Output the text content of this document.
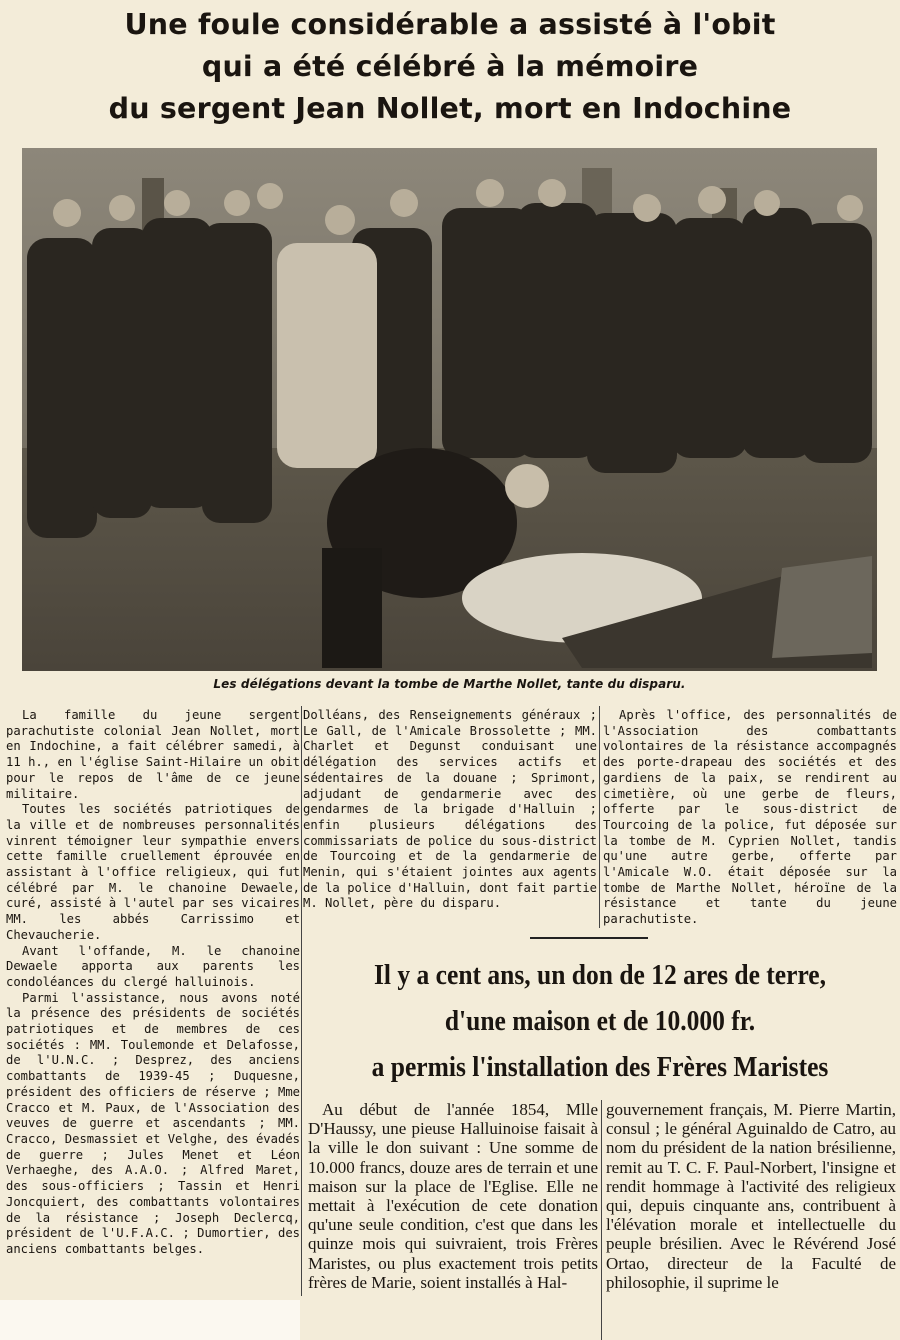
Une foule considérable a assisté à l'obit
qui a été célébré à la mémoire
du sergent Jean Nollet, mort en Indochine
Les délégations devant la tombe de Marthe Nollet, tante du disparu.

La famille du jeune sergent parachutiste colonial Jean Nollet, mort en Indochine, a fait célébrer samedi, à 11 h., en l'église Saint-Hilaire un obit pour le repos de l'âme de ce jeune militaire.

Toutes les sociétés patriotiques de la ville et de nombreuses personnalités vinrent témoigner leur sympathie envers cette famille cruellement éprouvée en assistant à l'office religieux, qui fut célébré par M. le chanoine Dewaele, curé, assisté à l'autel par ses vicaires MM. les abbés Carrissimo et Chevaucherie.

Avant l'offande, M. le chanoine Dewaele apporta aux parents les condoléances du clergé halluinois.

Parmi l'assistance, nous avons noté la présence des présidents de sociétés patriotiques et de membres de ces sociétés : MM. Toulemonde et Delafosse, de l'U.N.C. ; Desprez, des anciens combattants de 1939-45 ; Duquesne, président des officiers de réserve ; Mme Cracco et M. Paux, de l'Association des veuves de guerre et ascendants ; MM. Cracco, Desmassiet et Velghe, des évadés de guerre ; Jules Menet et Léon Verhaeghe, des A.A.O. ; Alfred Maret, des sous-officiers ; Tassin et Henri Joncquiert, des combattants volontaires de la résistance ; Joseph Declercq, président de l'U.F.A.C. ; Dumortier, des anciens combattants belges.

Dolléans, des Renseignements généraux ; Le Gall, de l'Amicale Brossolette ; MM. Charlet et Degunst conduisant une délégation des services actifs et sédentaires de la douane ; Sprimont, adjudant de gendarmerie avec des gendarmes de la brigade d'Halluin ; enfin plusieurs délégations des commissariats de police du sous-district de Tourcoing et de la gendarmerie de Menin, qui s'étaient jointes aux agents de la police d'Halluin, dont fait partie M. Nollet, père du disparu.

Après l'office, des personnalités de l'Association des combattants volontaires de la résistance accompagnés des porte-drapeau des sociétés et des gardiens de la paix, se rendirent au cimetière, où une gerbe de fleurs, offerte par le sous-district de Tourcoing de la police, fut déposée sur la tombe de M. Cyprien Nollet, tandis qu'une autre gerbe, offerte par l'Amicale W.O. était déposée sur la tombe de Marthe Nollet, héroïne de la résistance et tante du jeune parachutiste.

Il y a cent ans, un don de 12 ares de terre,
d'une maison et de 10.000 fr.
a permis l'installation des Frères Maristes

Au début de l'année 1854, Mlle D'Haussy, une pieuse Halluinoise faisait à la ville le don suivant : Une somme de 10.000 francs, douze ares de terrain et une maison sur la place de l'Eglise. Elle ne mettait à l'exécution de cete donation qu'une seule condition, c'est que dans les quinze mois qui suivraient, trois Frères Maristes, ou plus exactement trois petits frères de Marie, soient installés à Hal-

gouvernement français, M. Pierre Martin, consul ; le général Aguinaldo de Catro, au nom du président de la nation brésilienne, remit au T. C. F. Paul-Norbert, l'insigne et rendit hommage à l'activité des religieux qui, depuis cinquante ans, contribuent à l'élévation morale et intellectuelle du peuple brésilien. Avec le Révérend José Ortao, directeur de la Faculté de philosophie, il suprime le
